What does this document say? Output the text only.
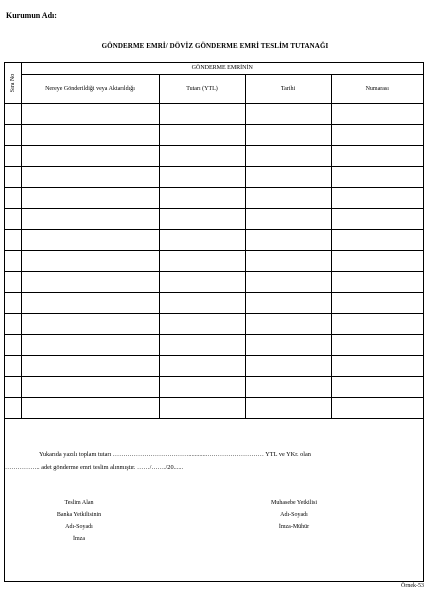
Kurumun Adı:
GÖNDERME EMRİ/ DÖVİZ GÖNDERME EMRİ TESLİM TUTANAĞI
Sıra No	GÖNDERME EMRİNİN			
	Nereye Gönderildiği veya Aktarıldığı	Tutarı (YTL)	Tarihi	Numarası

Yukarıda yazılı toplam tutarı ………………………………............……………………… YTL ve YKr. olan
…………….. adet gönderme emri teslim alınmıştır. ……/……./20......
Teslim Alan
Banka Yetkilisinin
Adı-Soyadı
İmza
Muhasebe Yetkilisi
Adı-Soyadı
İmza-Mühür
Örnek-53
